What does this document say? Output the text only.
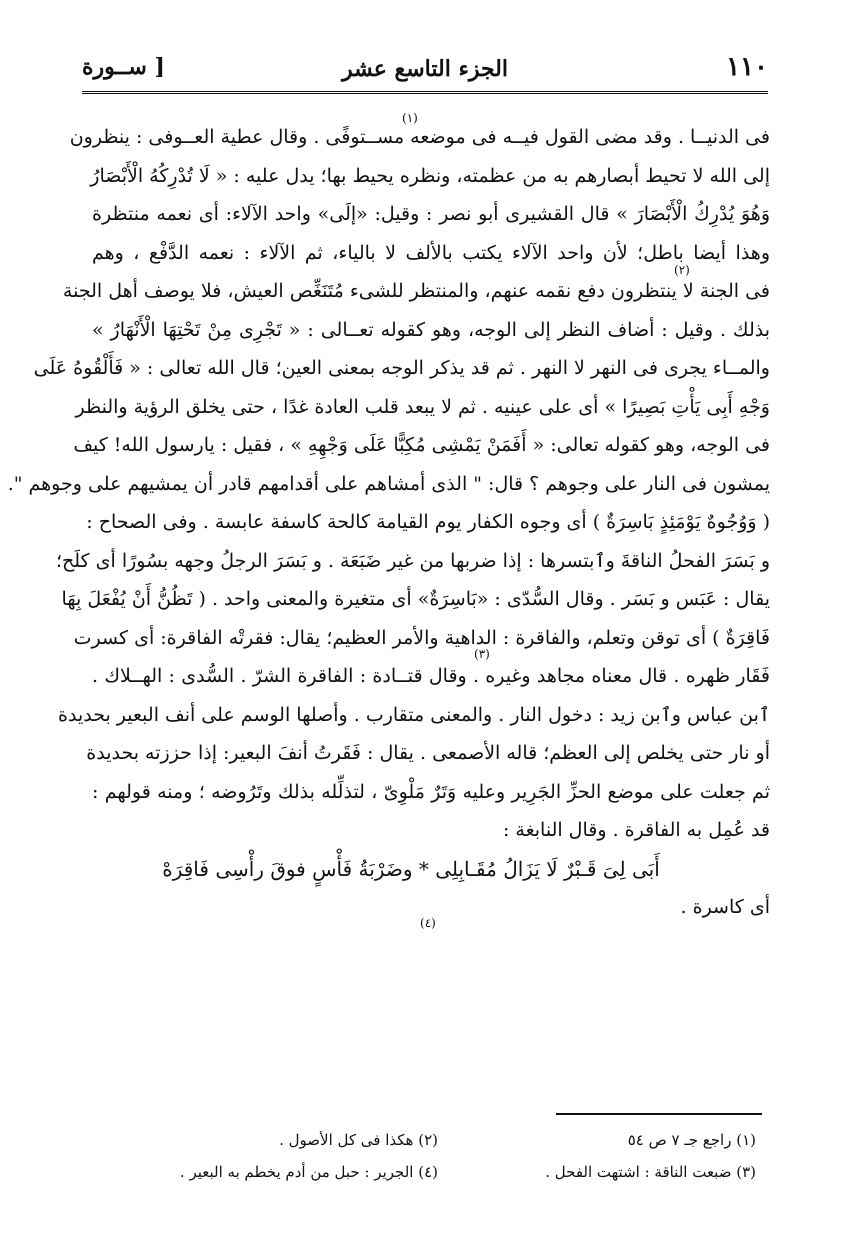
١١٠
الجزء التاسع عشر
[ ســورة
(١)
(٢)
(٣)
(٤)
فى الدنيــا . وقد مضى القول فيــه فى موضعه مســتوفًى . وقال عطية العــوفى : ينظرون
إلى الله لا تحيط أبصارهم به من عظمته، ونظره يحيط بها؛ يدل عليه : « لَا تُدْرِكُهُ الْأَبْصَارُ
وَهُوَ يُدْرِكُ الْأَبْصَارَ » قال القشيرى أبو نصر : وقيل: «إلَى» واحد الآلاء: أى نعمه منتظرة
وهذا أيضا باطل؛ لأن واحد الآلاء يكتب بالألف لا بالياء، ثم الآلاء : نعمه الدَّفْع ، وهم
فى الجنة لا ينتظرون دفع نقمه عنهم، والمنتظر للشىء مُتَنَغِّص العيش، فلا يوصف أهل الجنة
بذلك . وقيل : أضاف النظر إلى الوجه، وهو كقوله تعــالى : « تَجْرِى مِنْ تَحْتِهَا الْأَنْهَارُ »
والمــاء يجرى فى النهر لا النهر . ثم قد يذكر الوجه بمعنى العين؛ قال الله تعالى : « فَأَلْقُوهُ عَلَى
وَجْهِ أَبِى يَأْتِ بَصِيرًا » أى على عينيه . ثم لا يبعد قلب العادة غدًا ، حتى يخلق الرؤية والنظر
فى الوجه، وهو كقوله تعالى: « أَفَمَنْ يَمْشِى مُكِبًّا عَلَى وَجْهِهِ » ، فقيل : يارسول الله! كيف
يمشون فى النار على وجوهم ؟ قال: " الذى أمشاهم على أقدامهم قادر أن يمشيهم على وجوهم ".
( وَوُجُوهٌ يَوْمَئِذٍ بَاسِرَةٌ ) أى وجوه الكفار يوم القيامة كالحة كاسفة عابسة . وفى الصحاح :
و بَسَرَ الفحلُ الناقةَ وٱبتسرها : إذا ضربها من غير ضَبَعَة . و بَسَرَ الرجلُ وجهه بسُورًا أى كلَح؛
يقال : عَبَس و بَسَر . وقال السُّدّى : «بَاسِرَةٌ» أى متغيرة والمعنى واحد . ( تَظُنُّ أَنْ يُفْعَلَ بِهَا
فَاقِرَةٌ ) أى توقن وتعلم، والفاقرة : الداهية والأمر العظيم؛ يقال: فقرتْه الفاقرة: أى كسرت
فَقَار ظهره . قال معناه مجاهد وغيره . وقال قتــادة : الفاقرة الشرّ . السُّدى : الهــلاك .
ٱبن عباس وٱبن زيد : دخول النار . والمعنى متقارب . وأصلها الوسم على أنف البعير بحديدة
أو نار حتى يخلص إلى العظم؛ قاله الأصمعى . يقال : فَقَرتُ أنفَ البعير: إذا حززته بحديدة
ثم جعلت على موضع الحزِّ الجَرِير وعليه وَتَرٌ مَلْوِىّ ، لتذلِّله بذلك وتَرُوضه ؛ ومنه قولهم :
قد عُمِل به الفاقرة . وقال النابغة :
أَبَى لِىَ قَـبْرٌ لَا يَزَالُ مُقَـابِلِى * وضَرْبَةُ فَأْسٍ فوقَ رأْسِى فَاقِرَهْ
أى كاسرة .
(١) راجع جـ ٧ ص ٥٤
(٢) هكذا فى كل الأصول .
(٣) ضبعت الناقة : اشتهت الفحل .
(٤) الجرير : حبل من أدم يخطم به البعير .
